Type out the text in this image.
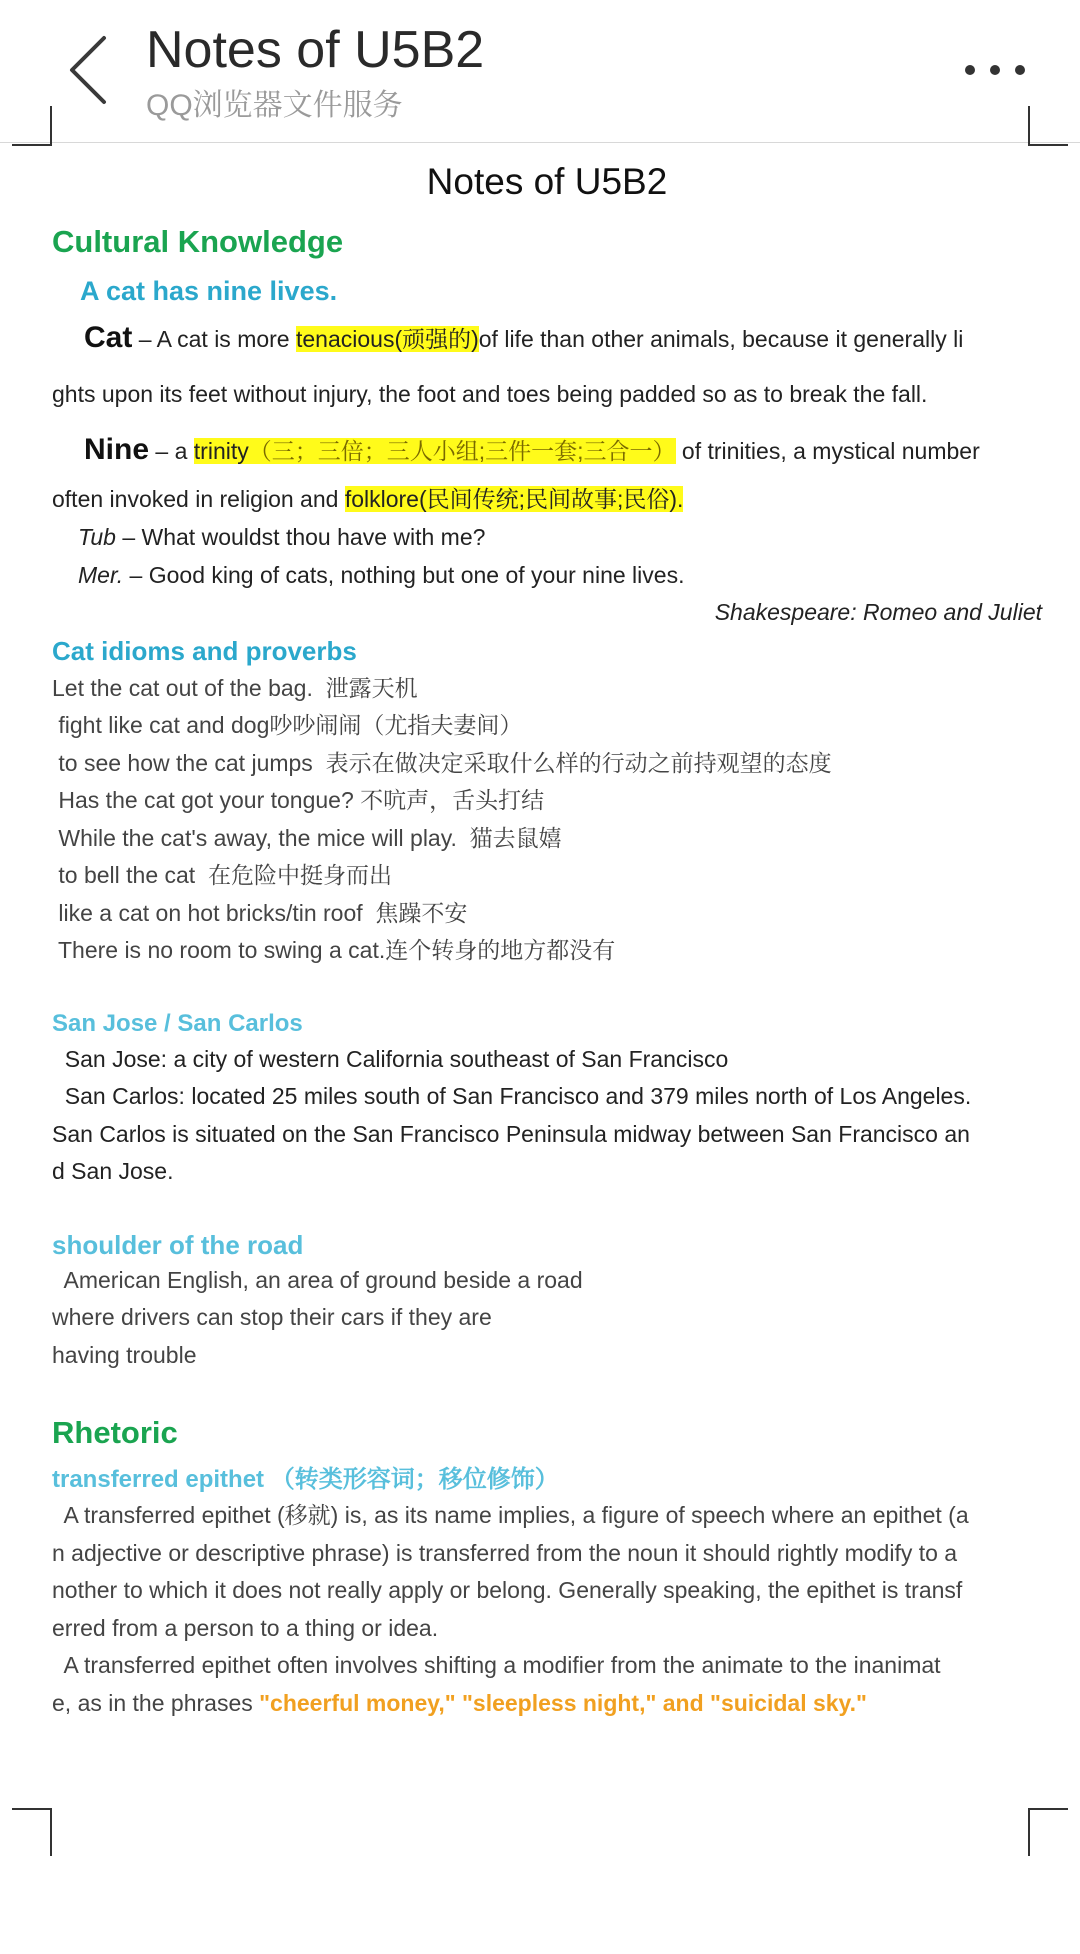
Notes of U5B2
QQ浏览器文件服务
Notes of U5B2
Cultural Knowledge
A cat has nine lives.
Cat – A cat is more tenacious(顽强的)of life than other animals, because it generally li
ghts upon its feet without injury, the foot and toes being padded so as to break the fall.
Nine – a trinity（三；三倍；三人小组;三件一套;三合一） of trinities, a mystical number
often invoked in religion and folklore(民间传统;民间故事;民俗).
Tub – What wouldst thou have with me?
Mer. – Good king of cats, nothing but one of your nine lives.
Shakespeare: Romeo and Juliet
Cat idioms and proverbs
Let the cat out of the bag.  泄露天机
fight like cat and dog吵吵闹闹（尤指夫妻间）
to see how the cat jumps  表示在做决定采取什么样的行动之前持观望的态度
Has the cat got your tongue? 不吭声，舌头打结
While the cat's away, the mice will play.  猫去鼠嬉
to bell the cat  在危险中挺身而出
like a cat on hot bricks/tin roof  焦躁不安
There is no room to swing a cat.连个转身的地方都没有
San Jose / San Carlos
San Jose: a city of western California southeast of San Francisco
San Carlos: located 25 miles south of San Francisco and 379 miles north of Los Angeles.
San Carlos is situated on the San Francisco Peninsula midway between San Francisco an
d San Jose.
shoulder of the road
American English, an area of ground beside a road
where drivers can stop their cars if they are
having trouble
Rhetoric
transferred epithet （转类形容词；移位修饰）
A transferred epithet (移就) is, as its name implies, a figure of speech where an epithet (a
n adjective or descriptive phrase) is transferred from the noun it should rightly modify to a
nother to which it does not really apply or belong. Generally speaking, the epithet is transf
erred from a person to a thing or idea.
A transferred epithet often involves shifting a modifier from the animate to the inanimat
e, as in the phrases "cheerful money," "sleepless night," and "suicidal sky."
